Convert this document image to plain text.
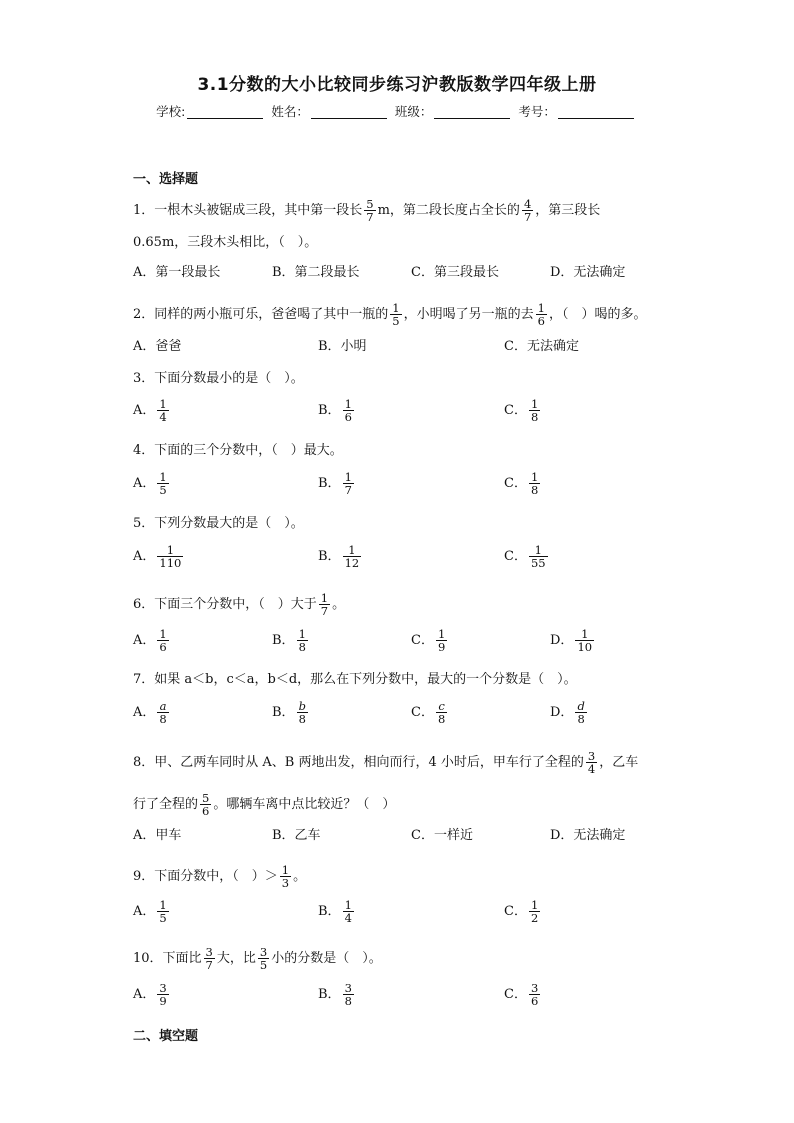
3.1分数的大小比较同步练习沪教版数学四年级上册
学校:	姓名：	班级：	考号：
一、选择题
1．一根木头被锯成三段，其中第一段长 $\frac{5}{7}$ m，第二段长度占全长的 $\frac{4}{7}$ ，第三段长
0.65m，三段木头相比，（　）。
A．第一段最长	B．第二段最长	C．第三段最长	D．无法确定
2．同样的两小瓶可乐，爸爸喝了其中一瓶的 $\frac{1}{5}$ ，小明喝了另一瓶的去 $\frac{1}{6}$ ，（　）喝的多。
A．爸爸	B．小明	C．无法确定
3．下面分数最小的是（　）。
A． $\frac{1}{4}$	B． $\frac{1}{6}$	C． $\frac{1}{8}$
4．下面的三个分数中，（　）最大。
A． $\frac{1}{5}$	B． $\frac{1}{7}$	C． $\frac{1}{8}$
5．下列分数最大的是（　）。
A． $\frac{1}{110}$	B． $\frac{1}{12}$	C． $\frac{1}{55}$
6．下面三个分数中，（　）大于 $\frac{1}{7}$ 。
A． $\frac{1}{6}$	B． $\frac{1}{8}$	C． $\frac{1}{9}$	D． $\frac{1}{10}$
7．如果 a＜b，c＜a，b＜d，那么在下列分数中，最大的一个分数是（　）。
A． $\frac{a}{8}$	B． $\frac{b}{8}$	C． $\frac{c}{8}$	D． $\frac{d}{8}$
8．甲、乙两车同时从 A、B 两地出发，相向而行，4 小时后，甲车行了全程的 $\frac{3}{4}$ ，乙车
行了全程的 $\frac{5}{6}$ 。哪辆车离中点比较近？（　）
A．甲车	B．乙车	C．一样近	D．无法确定
9．下面分数中，（　）＞ $\frac{1}{3}$ 。
A． $\frac{1}{5}$	B． $\frac{1}{4}$	C． $\frac{1}{2}$
10．下面比 $\frac{3}{7}$ 大，比 $\frac{3}{5}$ 小的分数是（　）。
A． $\frac{3}{9}$	B． $\frac{3}{8}$	C． $\frac{3}{6}$
二、填空题
